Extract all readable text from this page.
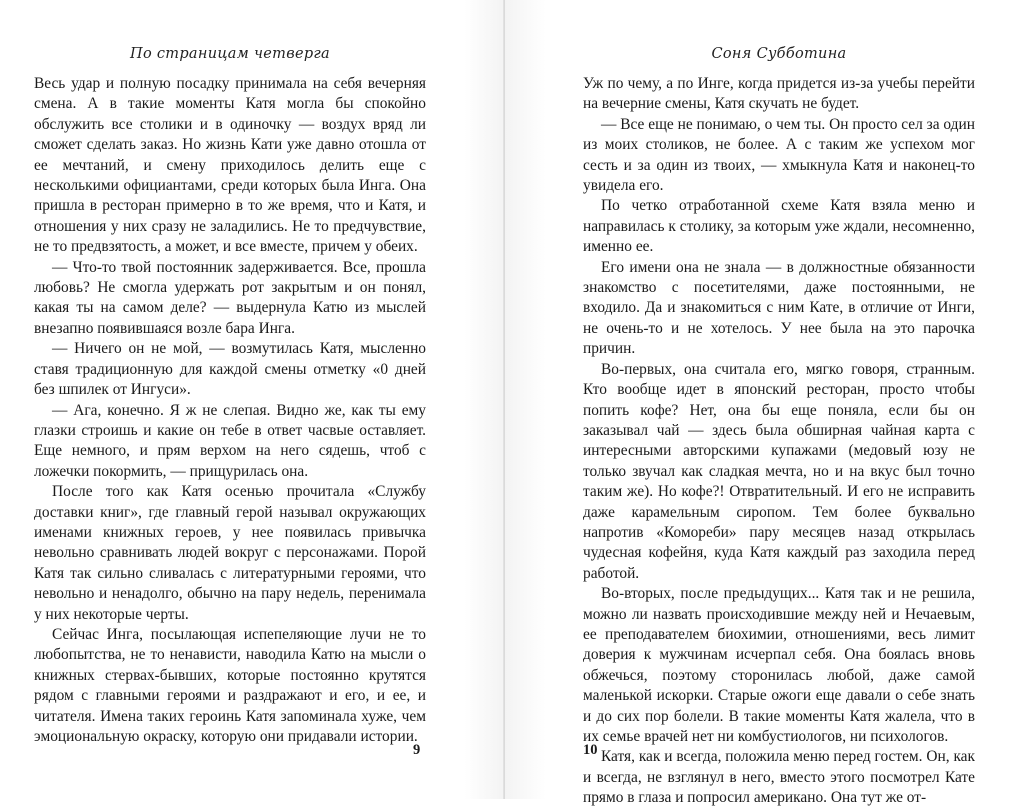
По страницам четверга

Весь удар и полную посадку принимала на себя вечерняя смена. А в такие моменты Катя могла бы спокойно обслужить все столики и в одиночку — воздух вряд ли сможет сделать заказ. Но жизнь Кати уже давно отошла от ее мечтаний, и смену приходилось делить еще с несколькими официантами, среди которых была Инга. Она пришла в ресторан примерно в то же время, что и Катя, и отношения у них сразу не заладились. Не то предчувствие, не то предвзятость, а может, и все вместе, причем у обеих.

— Что-то твой постоянник задерживается. Все, прошла любовь? Не смогла удержать рот закрытым и он понял, какая ты на самом деле? — выдернула Катю из мыслей внезапно появившаяся возле бара Инга.

— Ничего он не мой, — возмутилась Катя, мысленно ставя традиционную для каждой смены отметку «0 дней без шпилек от Ингуси».

— Ага, конечно. Я ж не слепая. Видно же, как ты ему глазки строишь и какие он тебе в ответ часвые оставляет. Еще немного, и прям верхом на него сядешь, чтоб с ложечки покормить, — прищурилась она.

После того как Катя осенью прочитала «Службу доставки книг», где главный герой называл окружающих именами книжных героев, у нее появилась привычка невольно сравнивать людей вокруг с персонажами. Порой Катя так сильно сливалась с литературными героями, что невольно и ненадолго, обычно на пару недель, перенимала у них некоторые черты.

Сейчас Инга, посылающая испепеляющие лучи не то любопытства, не то ненависти, наводила Катю на мысли о книжных стервах-бывших, которые постоянно крутятся рядом с главными героями и раздражают и его, и ее, и читателя. Имена таких героинь Катя запоминала хуже, чем эмоциональную окраску, которую они придавали истории.

9
Соня Субботина

Уж по чему, а по Инге, когда придется из-за учебы перейти на вечерние смены, Катя скучать не будет.

— Все еще не понимаю, о чем ты. Он просто сел за один из моих столиков, не более. А с таким же успехом мог сесть и за один из твоих, — хмыкнула Катя и наконец-то увидела его.

По четко отработанной схеме Катя взяла меню и направилась к столику, за которым уже ждали, несомненно, именно ее.

Его имени она не знала — в должностные обязанности знакомство с посетителями, даже постоянными, не входило. Да и знакомиться с ним Кате, в отличие от Инги, не очень-то и не хотелось. У нее была на это парочка причин.

Во-первых, она считала его, мягко говоря, странным. Кто вообще идет в японский ресторан, просто чтобы попить кофе? Нет, она бы еще поняла, если бы он заказывал чай — здесь была обширная чайная карта с интересными авторскими купажами (медовый юзу не только звучал как сладкая мечта, но и на вкус был точно таким же). Но кофе?! Отвратительный. И его не исправить даже карамельным сиропом. Тем более буквально напротив «Комореби» пару месяцев назад открылась чудесная кофейня, куда Катя каждый раз заходила перед работой.

Во-вторых, после предыдущих... Катя так и не решила, можно ли назвать происходившие между ней и Нечаевым, ее преподавателем биохимии, отношениями, весь лимит доверия к мужчинам исчерпал себя. Она боялась вновь обжечься, поэтому сторонилась любой, даже самой маленькой искорки. Старые ожоги еще давали о себе знать и до сих пор болели. В такие моменты Катя жалела, что в их семье врачей нет ни комбустиологов, ни психологов.

Катя, как и всегда, положила меню перед гостем. Он, как и всегда, не взглянул в него, вместо этого посмотрел Кате прямо в глаза и попросил американо. Она тут же от-

10
